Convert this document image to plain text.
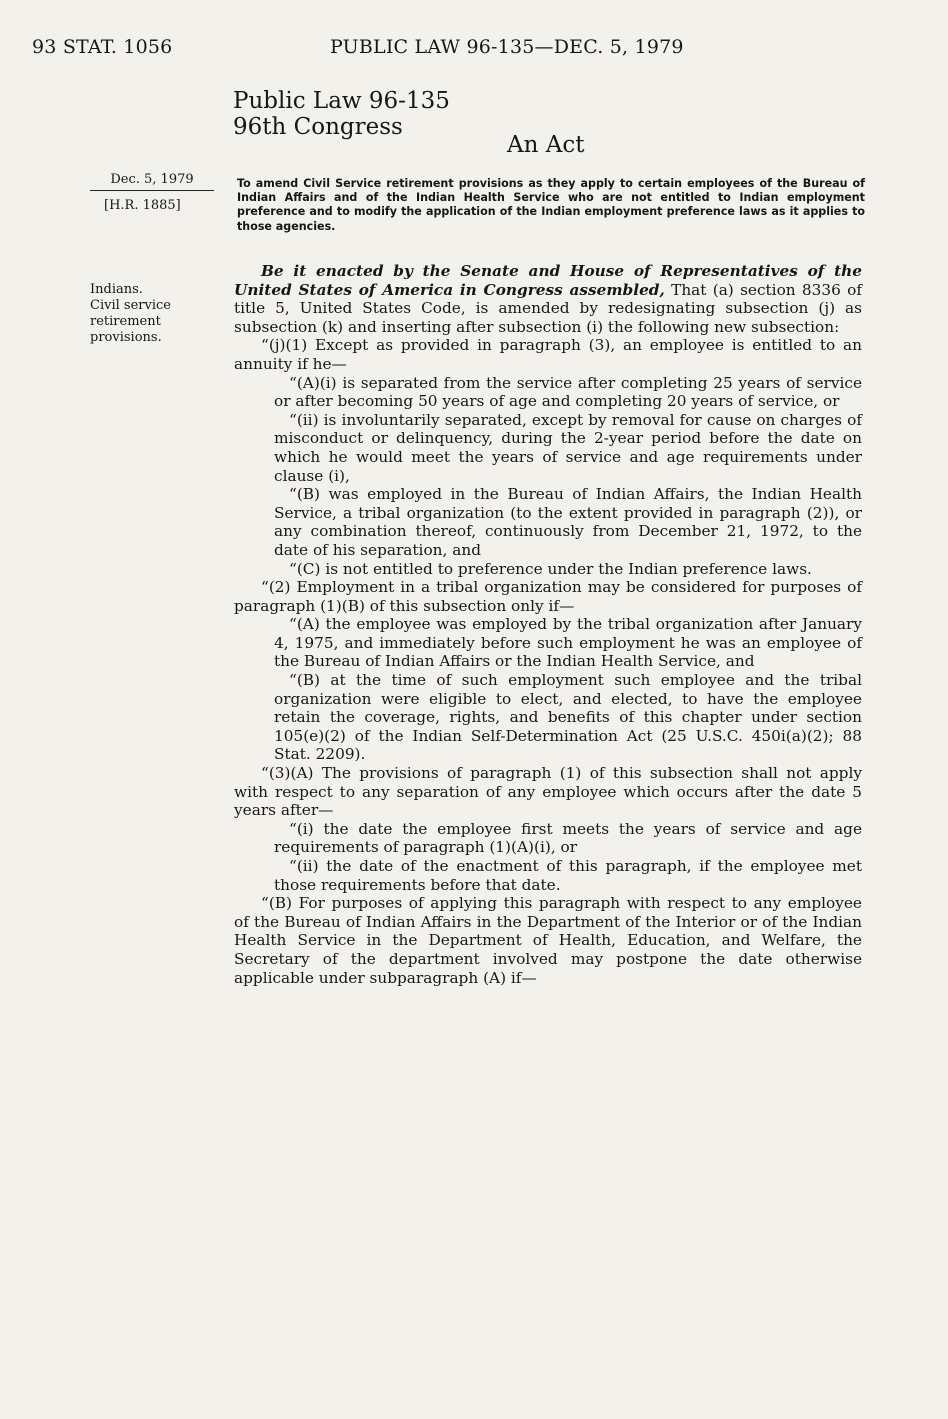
93 STAT. 1056	PUBLIC LAW 96-135—DEC. 5, 1979
Public Law 96-135
96th Congress
An Act
Dec. 5, 1979
[H.R. 1885]
Indians.
Civil service
retirement
provisions.
To amend Civil Service retirement provisions as they apply to certain employees of the Bureau of Indian Affairs and of the Indian Health Service who are not entitled to Indian employment preference and to modify the application of the Indian employment preference laws as it applies to those agencies.

Be it enacted by the Senate and House of Representatives of the United States of America in Congress assembled, That (a) section 8336 of title 5, United States Code, is amended by redesignating subsection (j) as subsection (k) and inserting after subsection (i) the following new subsection:

“(j)(1) Except as provided in paragraph (3), an employee is entitled to an annuity if he—

“(A)(i) is separated from the service after completing 25 years of service or after becoming 50 years of age and completing 20 years of service, or

“(ii) is involuntarily separated, except by removal for cause on charges of misconduct or delinquency, during the 2-year period before the date on which he would meet the years of service and age requirements under clause (i),

“(B) was employed in the Bureau of Indian Affairs, the Indian Health Service, a tribal organization (to the extent provided in paragraph (2)), or any combination thereof, continuously from December 21, 1972, to the date of his separation, and

“(C) is not entitled to preference under the Indian preference laws.

“(2) Employment in a tribal organization may be considered for purposes of paragraph (1)(B) of this subsection only if—

“(A) the employee was employed by the tribal organization after January 4, 1975, and immediately before such employment he was an employee of the Bureau of Indian Affairs or the Indian Health Service, and

“(B) at the time of such employment such employee and the tribal organization were eligible to elect, and elected, to have the employee retain the coverage, rights, and benefits of this chapter under section 105(e)(2) of the Indian Self-Determination Act (25 U.S.C. 450i(a)(2); 88 Stat. 2209).

“(3)(A) The provisions of paragraph (1) of this subsection shall not apply with respect to any separation of any employee which occurs after the date 5 years after—

“(i) the date the employee first meets the years of service and age requirements of paragraph (1)(A)(i), or

“(ii) the date of the enactment of this paragraph, if the employee met those requirements before that date.

“(B) For purposes of applying this paragraph with respect to any employee of the Bureau of Indian Affairs in the Department of the Interior or of the Indian Health Service in the Department of Health, Education, and Welfare, the Secretary of the department involved may postpone the date otherwise applicable under subparagraph (A) if—
